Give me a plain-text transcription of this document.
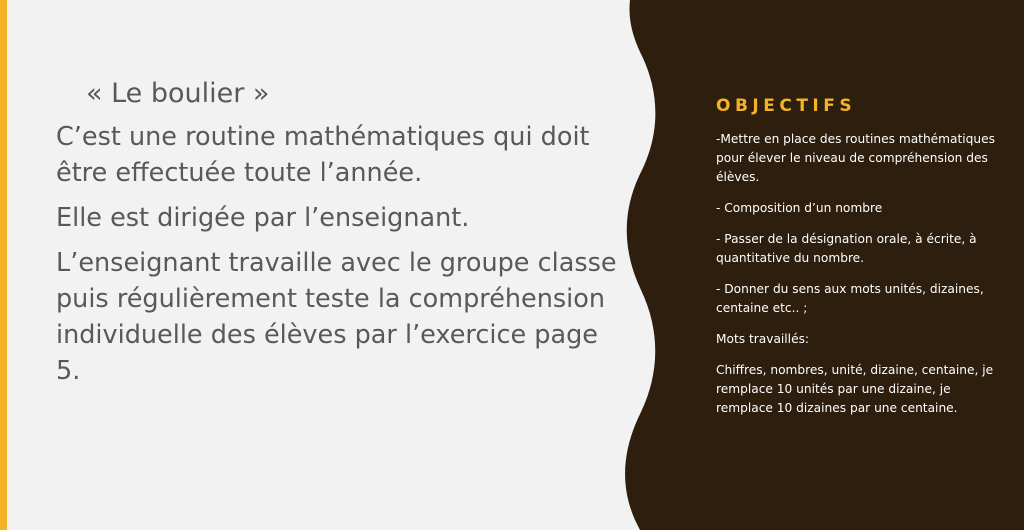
« Le boulier »

C’est une routine mathématiques qui doit être effectuée toute l’année.

Elle est dirigée par l’enseignant.

L’enseignant travaille avec le groupe classe puis régulièrement teste la compréhension individuelle des élèves par l’exercice page 5.

OBJECTIFS

-Mettre en place des routines mathématiques pour élever le niveau de compréhension des élèves.

- Composition d’un nombre

- Passer de la désignation orale, à écrite, à quantitative du nombre.

- Donner du sens aux mots unités, dizaines, centaine etc.. ;

Mots travaillés:

Chiffres, nombres, unité, dizaine, centaine, je remplace 10 unités par une dizaine, je remplace 10 dizaines par une centaine.
